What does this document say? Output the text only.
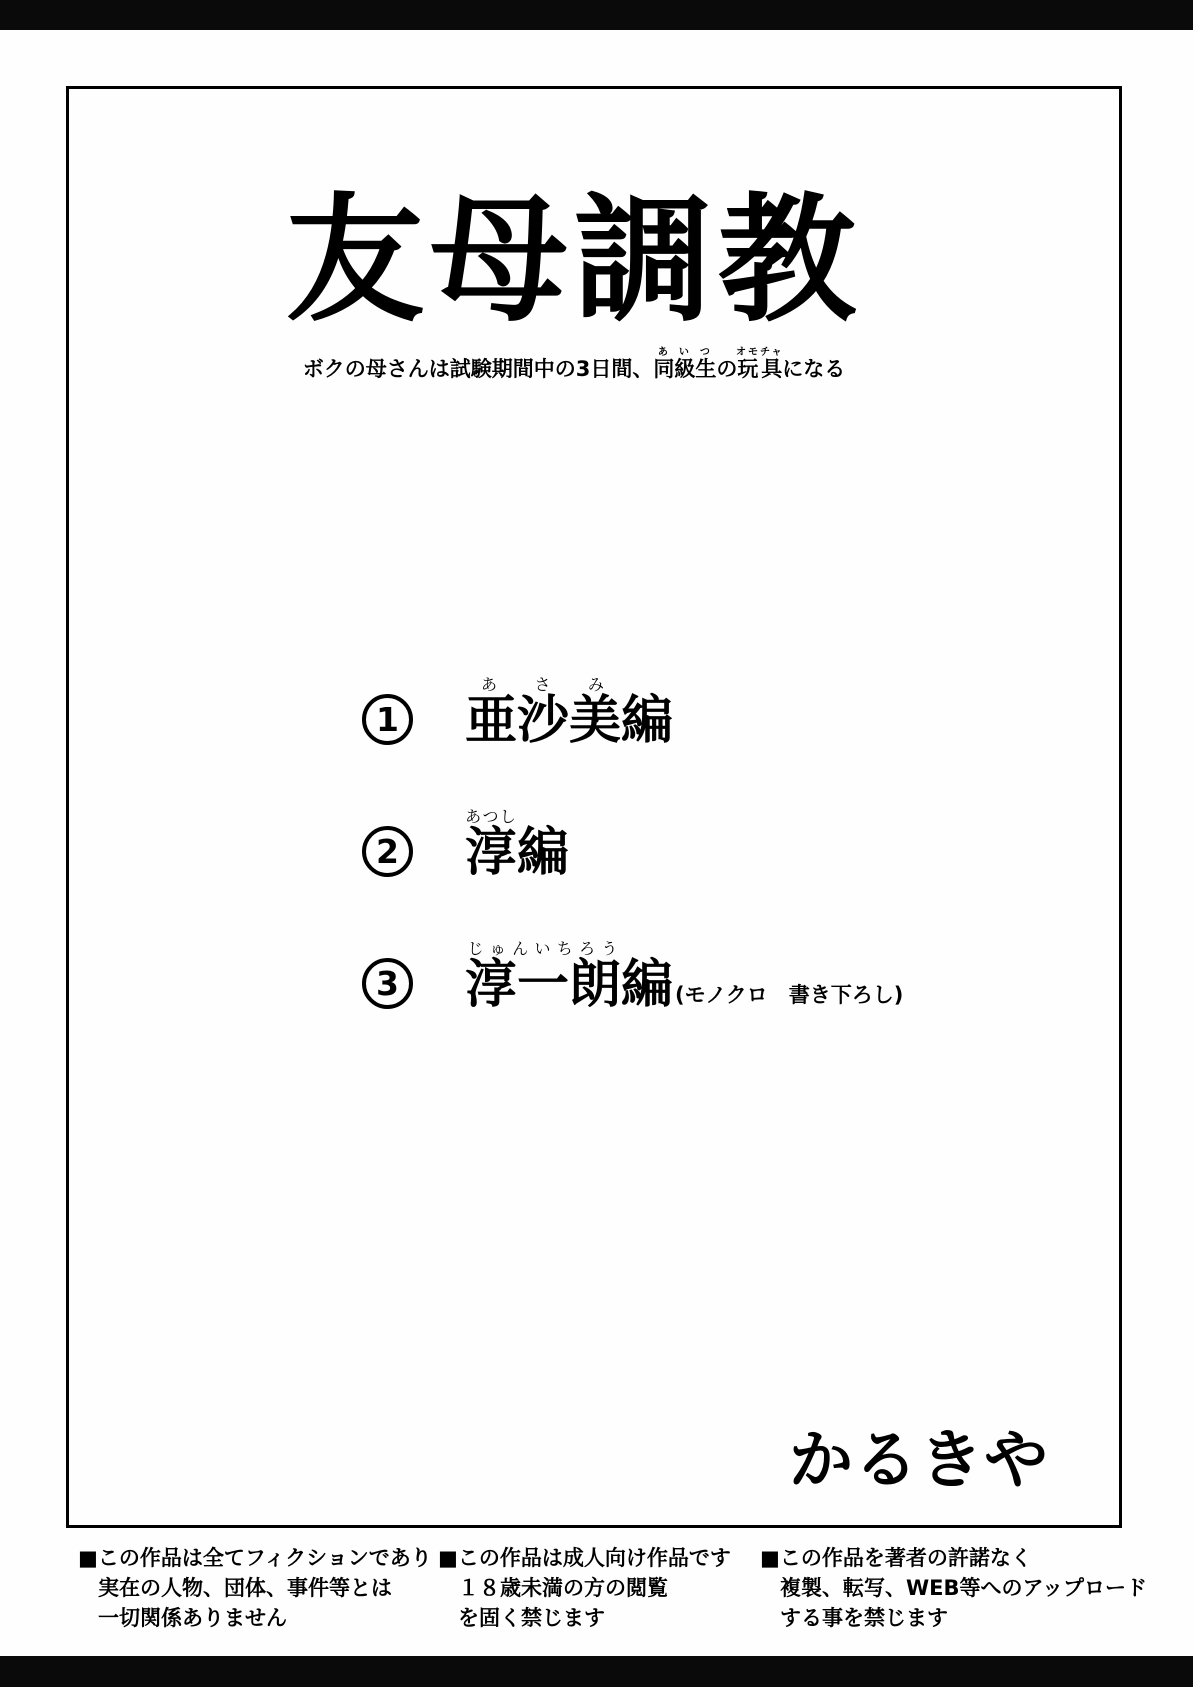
友母調教
ボクの母さんは試験期間中の3日間、同級生あいつの玩具オモチャになる
1 亜沙美あさみ編
2 淳あつし編
3 淳一朗じゅんいちろう編(モノクロ　書き下ろし)
かるきや
■この作品は全てフィクションであり
実在の人物、団体、事件等とは
一切関係ありません
■この作品は成人向け作品です
１８歳未満の方の閲覧
を固く禁じます
■この作品を著者の許諾なく
複製、転写、WEB等へのアップロード
する事を禁じます
